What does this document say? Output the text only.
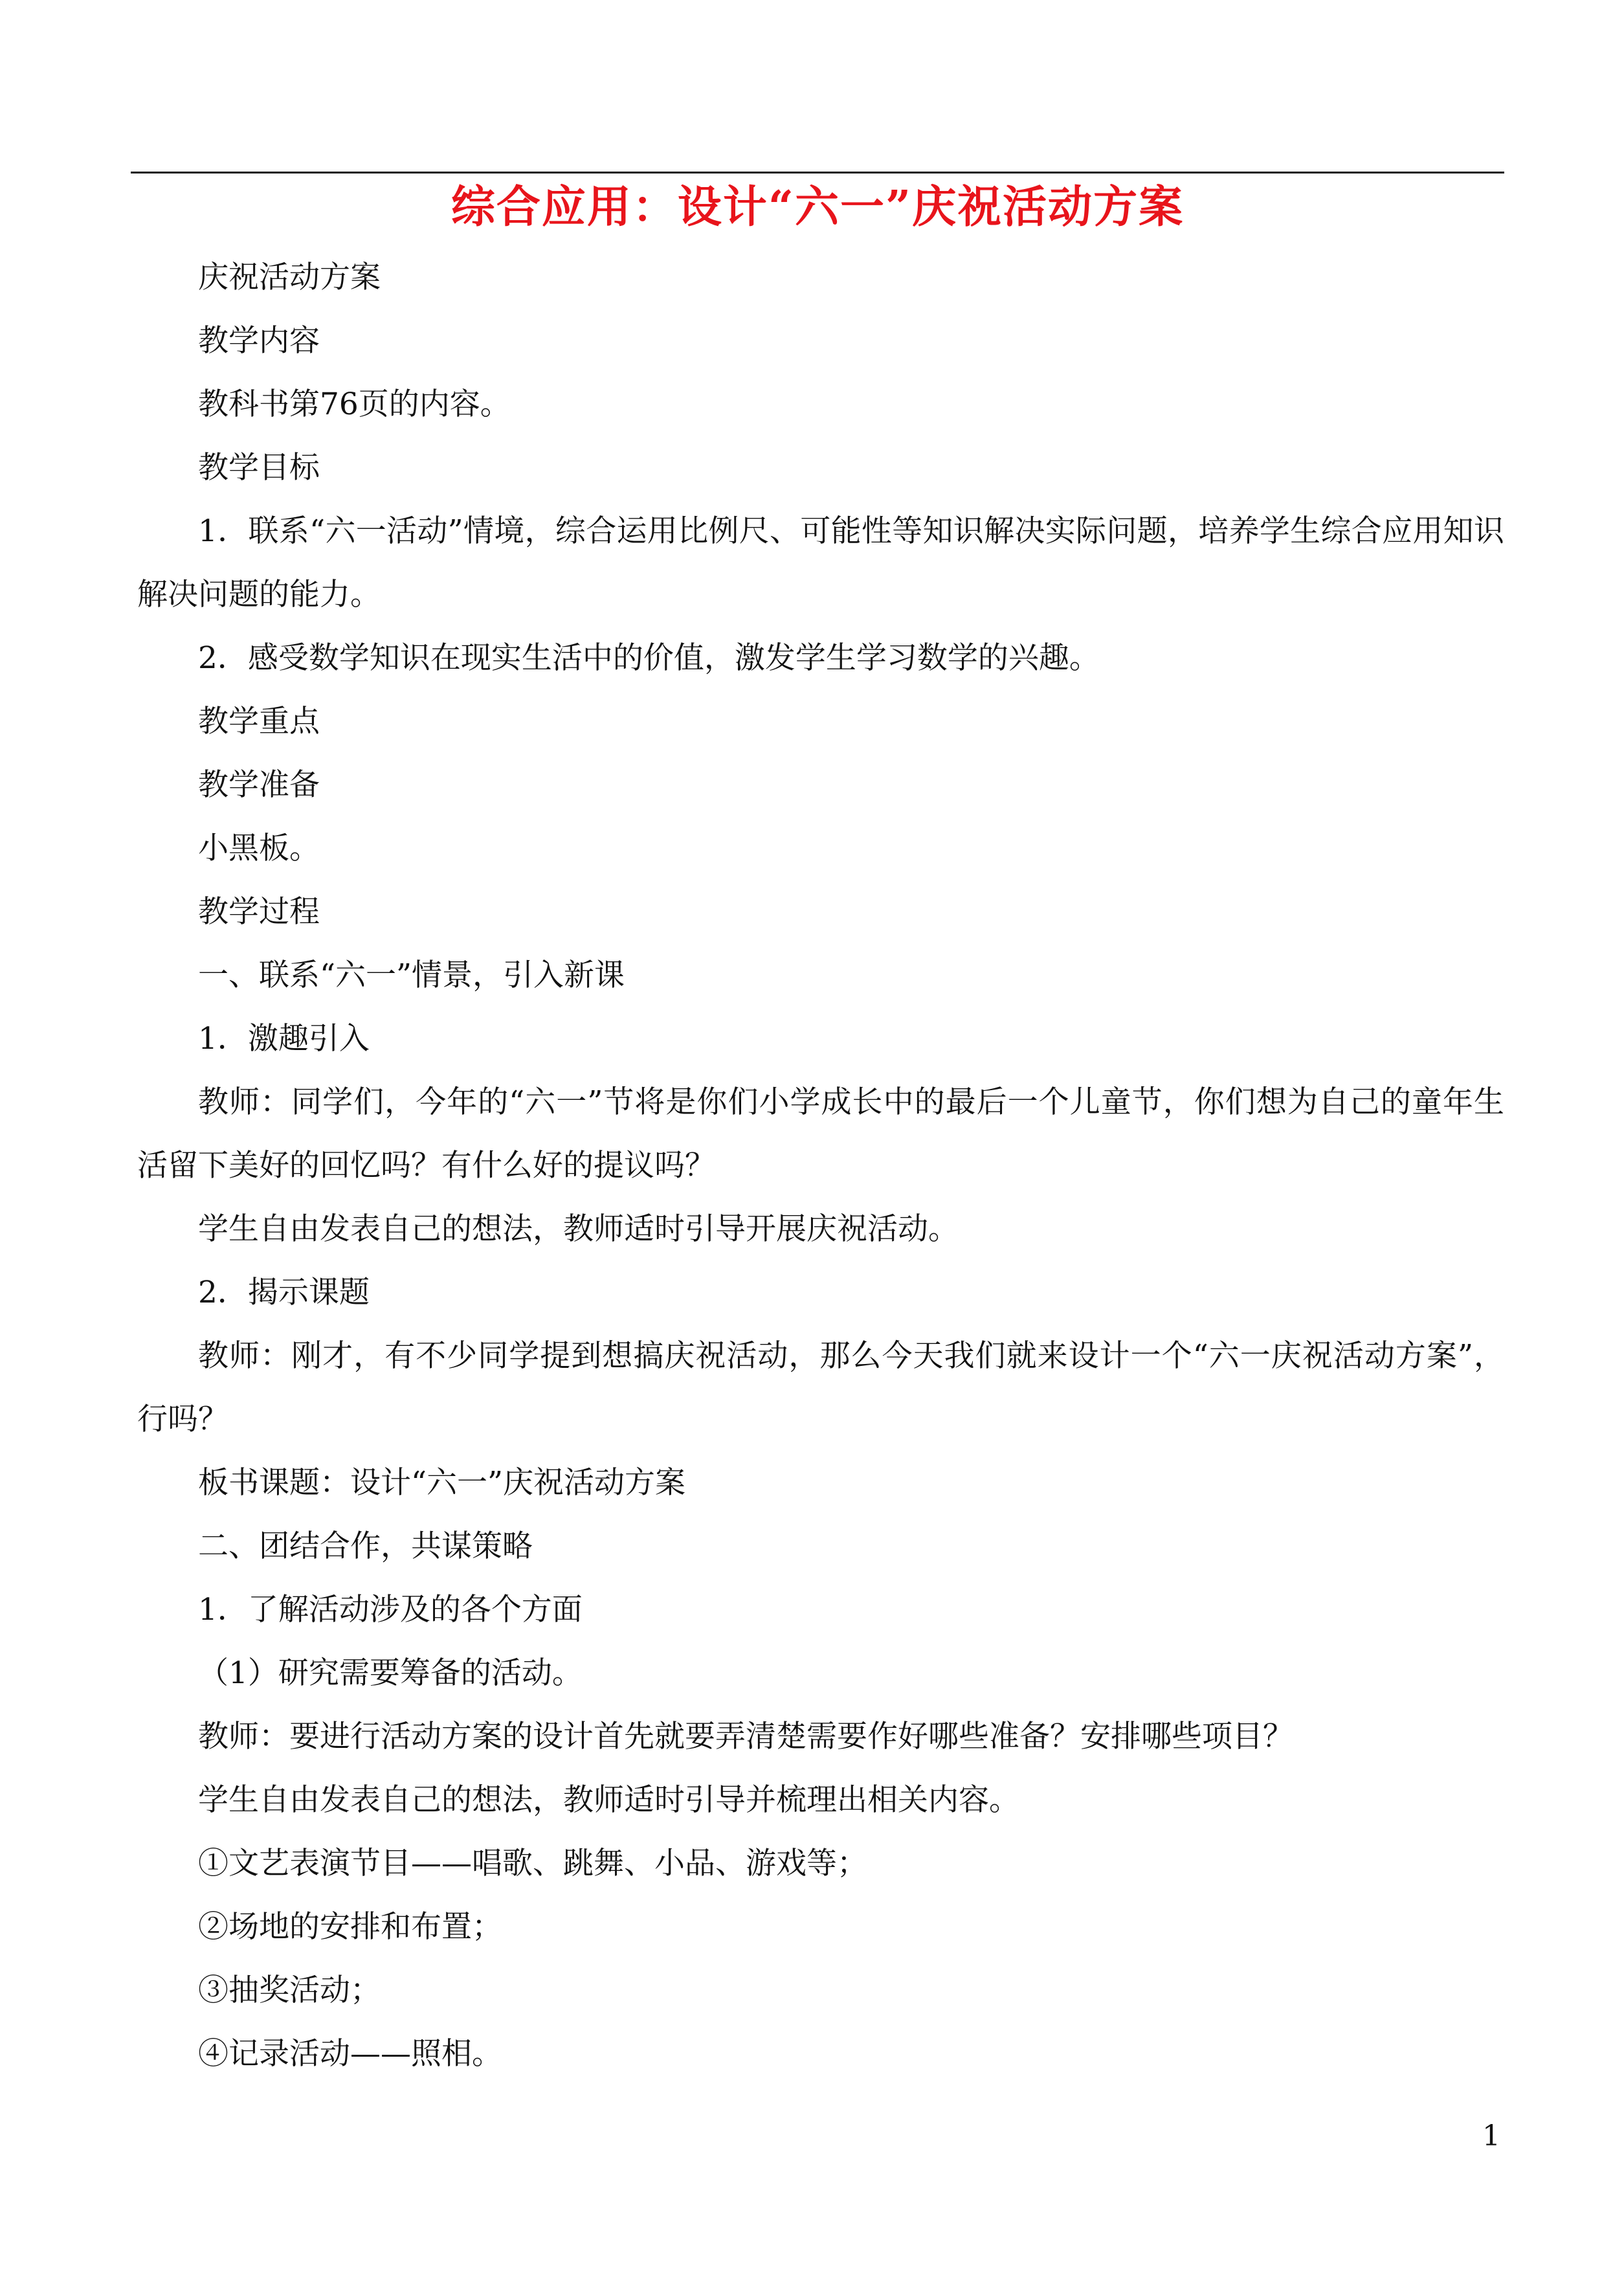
综合应用：设计“六一”庆祝活动方案

庆祝活动方案

教学内容

教科书第76页的内容。

教学目标

1．联系“六一活动”情境，综合运用比例尺、可能性等知识解决实际问题，培养学生综合应用知识解决问题的能力。

2．感受数学知识在现实生活中的价值，激发学生学习数学的兴趣。

教学重点

教学准备

小黑板。

教学过程

一、联系“六一”情景，引入新课

1．激趣引入

教师：同学们，今年的“六一”节将是你们小学成长中的最后一个儿童节，你们想为自己的童年生活留下美好的回忆吗？有什么好的提议吗？

学生自由发表自己的想法，教师适时引导开展庆祝活动。

2．揭示课题

教师：刚才，有不少同学提到想搞庆祝活动，那么今天我们就来设计一个“六一庆祝活动方案”，行吗？

板书课题：设计“六一”庆祝活动方案

二、团结合作，共谋策略

1．了解活动涉及的各个方面

（1）研究需要筹备的活动。

教师：要进行活动方案的设计首先就要弄清楚需要作好哪些准备？安排哪些项目？

学生自由发表自己的想法，教师适时引导并梳理出相关内容。

①文艺表演节目——唱歌、跳舞、小品、游戏等；

②场地的安排和布置；

③抽奖活动；

④记录活动——照相。

1
